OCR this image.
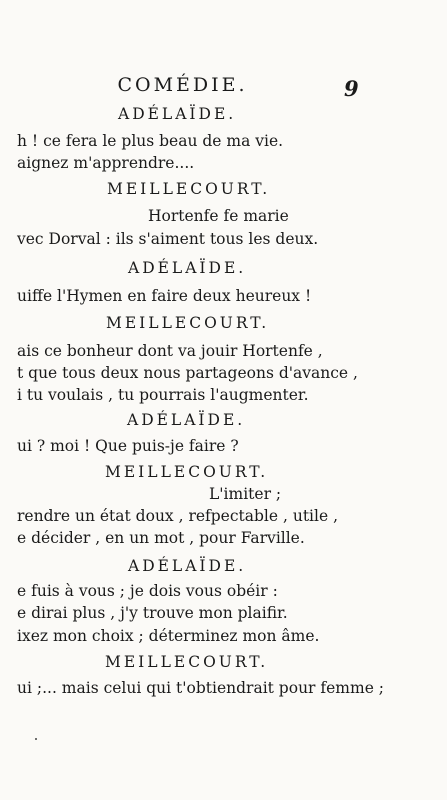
COMÉDIE.	9
ADÉLAÏDE.
h ! ce fera le plus beau de ma vie.
aignez m'apprendre....
MEILLECOURT.
Hortenfe fe marie
vec Dorval : ils s'aiment tous les deux.
ADÉLAÏDE.
uiffe l'Hymen en faire deux heureux !
MEILLECOURT.
ais ce bonheur dont va jouir Hortenfe ,
t que tous deux nous partageons d'avance ,
i tu voulais , tu pourrais l'augmenter.
ADÉLAÏDE.
ui ? moi ! Que puis-je faire ?
MEILLECOURT.
L'imiter ;
rendre un état doux , refpectable , utile ,
e décider , en un mot , pour Farville.
ADÉLAÏDE.
e fuis à vous ; je dois vous obéir :
e dirai plus , j'y trouve mon plaifir.
ixez mon choix ; déterminez mon âme.
MEILLECOURT.
ui ;... mais celui qui t'obtiendrait pour femme ;
